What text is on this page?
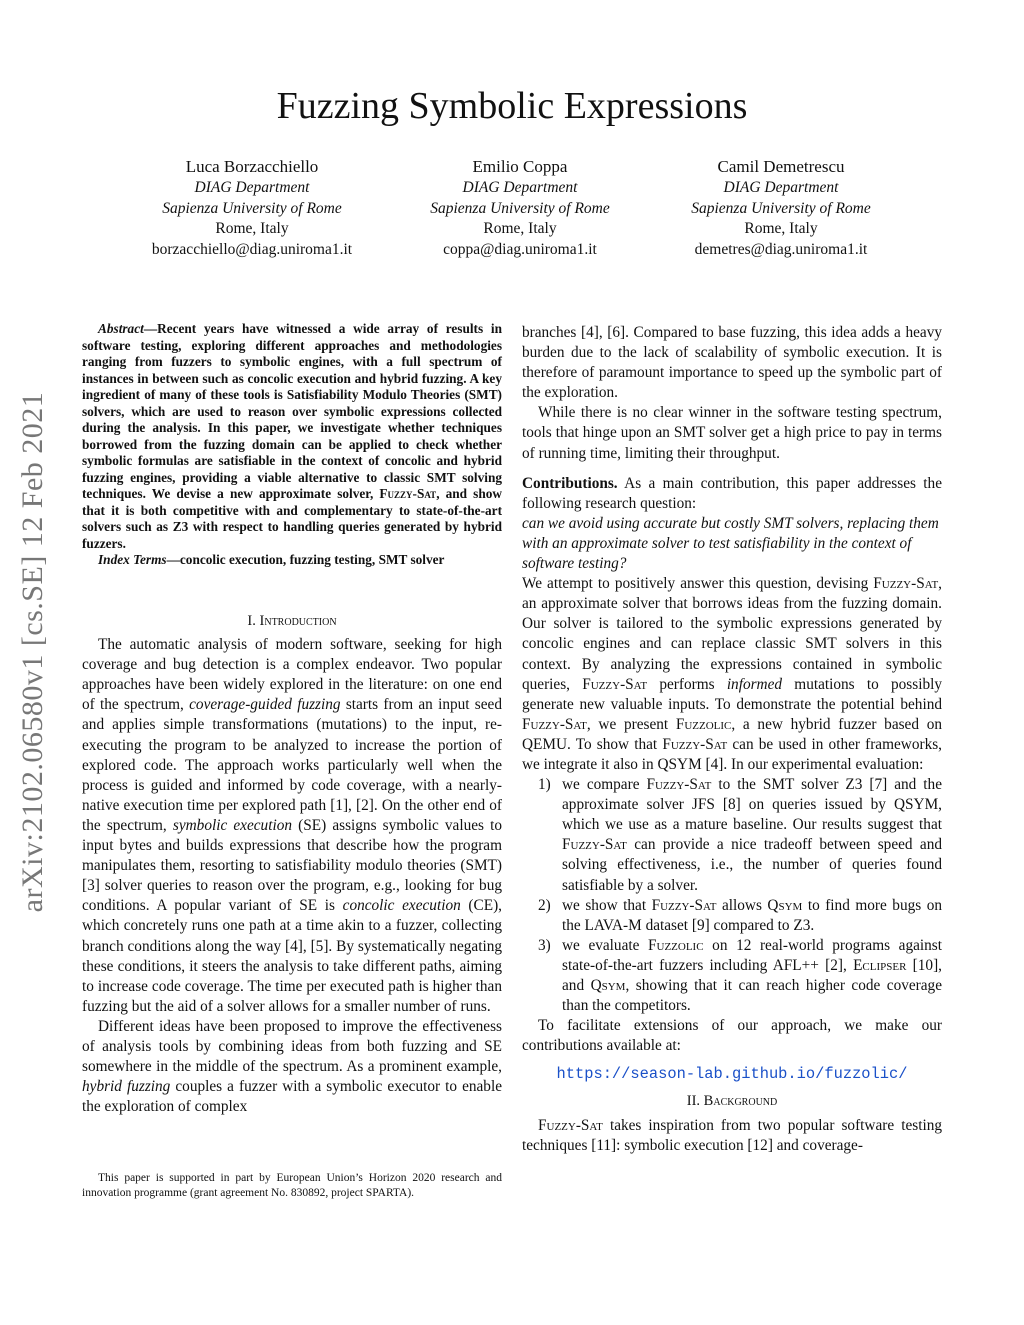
arXiv:2102.06580v1 [cs.SE] 12 Feb 2021
Fuzzing Symbolic Expressions
Luca Borzacchiello
DIAG Department
Sapienza University of Rome
Rome, Italy
borzacchiello@diag.uniroma1.it
Emilio Coppa
DIAG Department
Sapienza University of Rome
Rome, Italy
coppa@diag.uniroma1.it
Camil Demetrescu
DIAG Department
Sapienza University of Rome
Rome, Italy
demetres@diag.uniroma1.it

Abstract—Recent years have witnessed a wide array of results in software testing, exploring different approaches and methodologies ranging from fuzzers to symbolic engines, with a full spectrum of instances in between such as concolic execution and hybrid fuzzing. A key ingredient of many of these tools is Satisfiability Modulo Theories (SMT) solvers, which are used to reason over symbolic expressions collected during the analysis. In this paper, we investigate whether techniques borrowed from the fuzzing domain can be applied to check whether symbolic formulas are satisfiable in the context of concolic and hybrid fuzzing engines, providing a viable alternative to classic SMT solving techniques. We devise a new approximate solver, Fuzzy-Sat, and show that it is both competitive with and complementary to state-of-the-art solvers such as Z3 with respect to handling queries generated by hybrid fuzzers.

Index Terms—concolic execution, fuzzing testing, SMT solver

I. Introduction

The automatic analysis of modern software, seeking for high coverage and bug detection is a complex endeavor. Two popular approaches have been widely explored in the literature: on one end of the spectrum, coverage-guided fuzzing starts from an input seed and applies simple transformations (mutations) to the input, re-executing the program to be analyzed to increase the portion of explored code. The approach works particularly well when the process is guided and informed by code coverage, with a nearly-native execution time per explored path [1], [2]. On the other end of the spectrum, symbolic execution (SE) assigns symbolic values to input bytes and builds expressions that describe how the program manipulates them, resorting to satisfiability modulo theories (SMT) [3] solver queries to reason over the program, e.g., looking for bug conditions. A popular variant of SE is concolic execution (CE), which concretely runs one path at a time akin to a fuzzer, collecting branch conditions along the way [4], [5]. By systematically negating these conditions, it steers the analysis to take different paths, aiming to increase code coverage. The time per executed path is higher than fuzzing but the aid of a solver allows for a smaller number of runs.

Different ideas have been proposed to improve the effectiveness of analysis tools by combining ideas from both fuzzing and SE somewhere in the middle of the spectrum. As a prominent example, hybrid fuzzing couples a fuzzer with a symbolic executor to enable the exploration of complex

This paper is supported in part by European Union’s Horizon 2020 research and innovation programme (grant agreement No. 830892, project SPARTA).

branches [4], [6]. Compared to base fuzzing, this idea adds a heavy burden due to the lack of scalability of symbolic execution. It is therefore of paramount importance to speed up the symbolic part of the exploration.

While there is no clear winner in the software testing spectrum, tools that hinge upon an SMT solver get a high price to pay in terms of running time, limiting their throughput.

Contributions. As a main contribution, this paper addresses the following research question:

can we avoid using accurate but costly SMT solvers, replacing them with an approximate solver to test satisfiability in the context of software testing?

We attempt to positively answer this question, devising Fuzzy-Sat, an approximate solver that borrows ideas from the fuzzing domain. Our solver is tailored to the symbolic expressions generated by concolic engines and can replace classic SMT solvers in this context. By analyzing the expressions contained in symbolic queries, Fuzzy-Sat performs informed mutations to possibly generate new valuable inputs. To demonstrate the potential behind Fuzzy-Sat, we present Fuzzolic, a new hybrid fuzzer based on QEMU. To show that Fuzzy-Sat can be used in other frameworks, we integrate it also in QSYM [4]. In our experimental evaluation:

1) we compare Fuzzy-Sat to the SMT solver Z3 [7] and the approximate solver JFS [8] on queries issued by QSYM, which we use as a mature baseline. Our results suggest that Fuzzy-Sat can provide a nice tradeoff between speed and solving effectiveness, i.e., the number of queries found satisfiable by a solver.
2) we show that Fuzzy-Sat allows Qsym to find more bugs on the LAVA-M dataset [9] compared to Z3.
3) we evaluate Fuzzolic on 12 real-world programs against state-of-the-art fuzzers including AFL++ [2], Eclipser [10], and Qsym, showing that it can reach higher code coverage than the competitors.

To facilitate extensions of our approach, we make our contributions available at:

https://season-lab.github.io/fuzzolic/

II. Background

Fuzzy-Sat takes inspiration from two popular software testing techniques [11]: symbolic execution [12] and coverage-
